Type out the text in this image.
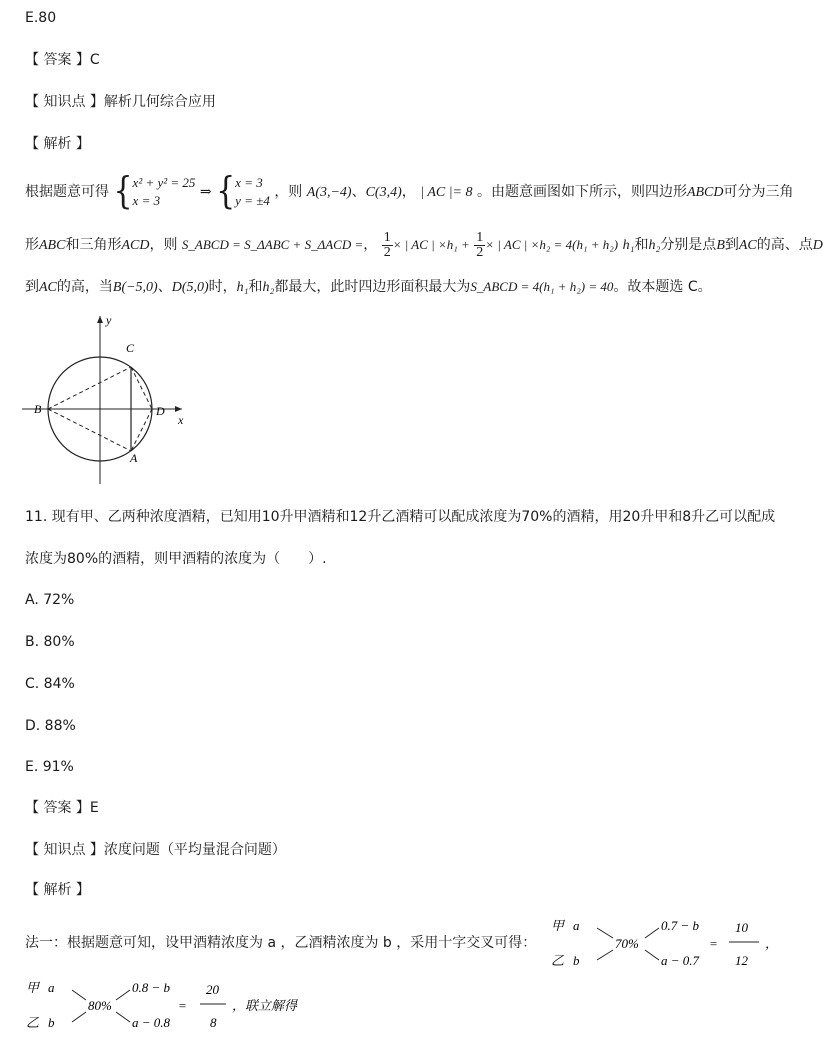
E.80
【 答案 】C
【 知识点 】解析几何综合应用
【 解析 】
根据题意可得 { x² + y² = 25
x = 3
⇒ { x = 3
y = ±4
，则 A(3,−4)、C(3,4)， | AC |= 8 。由题意画图如下所示，则四边形ABCD可分为三角
形ABC和三角形ACD，则 S_ABCD = S_ΔABC + S_ΔACD =， $\frac{1}{2}$ × | AC | $\times h_1 + \frac{1}{2}$ × | AC | ×h₂ = 4(h₁ + h₂) h₁和h₂分别是点B到AC的高、点D
到AC的高，当B(−5,0)、D(5,0)时，h₁和h₂都最大，此时四边形面积最大为S_ABCD = 4(h₁ + h₂) = 40。故本题选 C。
y
x
C
B	D
A
11. 现有甲、乙两种浓度酒精，已知用10升甲酒精和12升乙酒精可以配成浓度为70%的酒精，用20升甲和8升乙可以配成
浓度为80%的酒精，则甲酒精的浓度为（　　）.
A. 72%
B. 80%
C. 84%
D. 88%
E. 91%
【 答案 】E
【 知识点 】浓度问题（平均量混合问题）
【 解析 】
法一：根据题意可知，设甲酒精浓度为 a ，乙酒精浓度为 b ，采用十字交叉可得：
甲 a
乙 b
70%
0.7 − b
a − 0.7
=
10
12
，
甲 a
乙 b
80%
0.8 − b
a − 0.8
=
20
8
，联立解得
